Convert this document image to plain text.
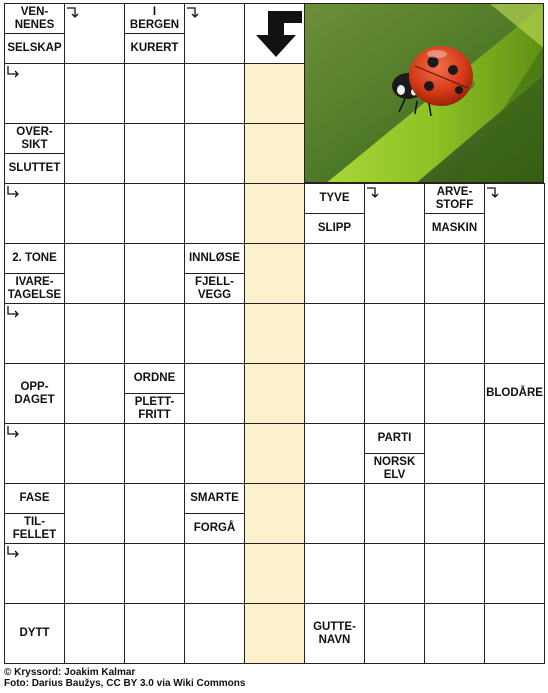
VEN-
NENES
SELSKAP
I
BERGEN
KURERT
OVER-
SIKT
SLUTTET
TYVE
SLIPP
ARVE-
STOFF
MASKIN
2. TONE
IVARE-
TAGELSE
INNLØSE
FJELL-
VEGG
OPP-
DAGET
ORDNE
PLETT-
FRITT
BLODÅRE
PARTI
NORSK
ELV
FASE
TIL-
FELLET
SMARTE
FORGÅ
DYTT
GUTTE-
NAVN
© Kryssord: Joakim Kalmar
Foto: Darius Baužys, CC BY 3.0 via Wiki Commons
